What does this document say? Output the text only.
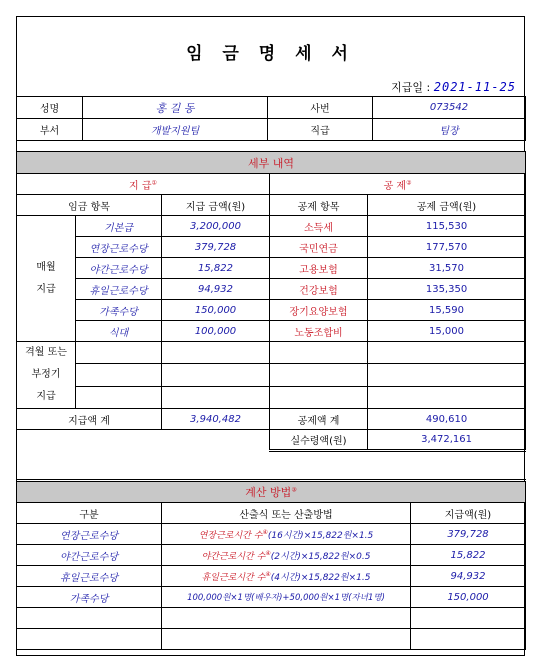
임 금 명 세 서
지급일 : 2021-11-25
성명	홍 길 동	사번	073542
부서	개발지원팀	직급	팀장
세부 내역				
지 급①			공 제②
임금 항목		지급 금액(원)	공제 항목	공제 금액(원)
매월
지급	기본급	3,200,000	소득세	115,530
	연장근로수당	379,728	국민연금	177,570
	야간근로수당	15,822	고용보험	31,570
	휴일근로수당	94,932	건강보험	135,350
	가족수당	150,000	장기요양보험	15,590
	식대	100,000	노동조합비	15,000
격월 또는
부정기
지급				

지급액 계		3,940,482	공제액 계	490,610
			실수령액(원)	3,472,161
계산 방법③
구분	산출식 또는 산출방법	지급액(원)
연장근로수당	연장근로시간 수④(16시간)×15,822원×1.5	379,728
야간근로수당	야간근로시간 수④(2시간)×15,822원×0.5	15,822
휴일근로수당	휴일근로시간 수④(4시간)×15,822원×1.5	94,932
가족수당	100,000원×1명(배우자)+50,000원×1명(자녀1명)	150,000
